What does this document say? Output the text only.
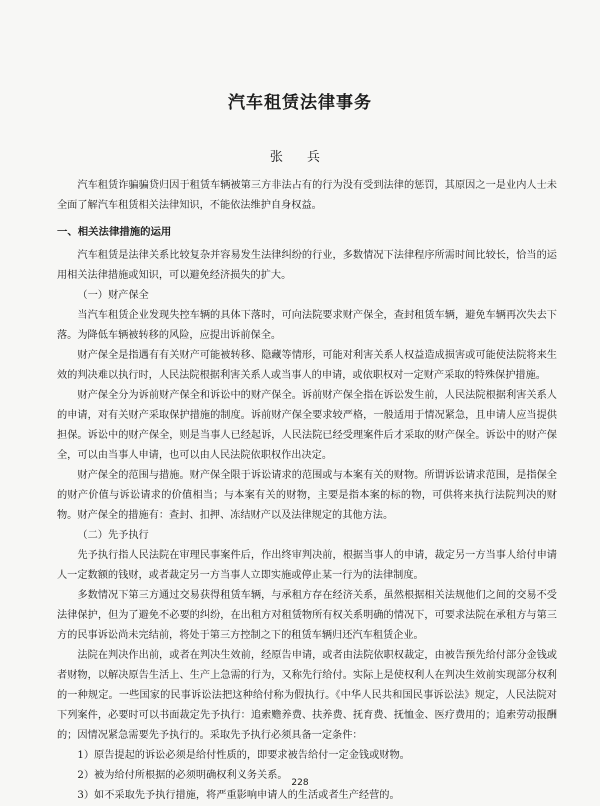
汽车租赁法律事务
张 兵

汽车租赁诈骗骗贷归因于租赁车辆被第三方非法占有的行为没有受到法律的惩罚，其原因之一是业内人士未全面了解汽车租赁相关法律知识，不能依法维护自身权益。

一、相关法律措施的运用

汽车租赁是法律关系比较复杂并容易发生法律纠纷的行业，多数情况下法律程序所需时间比较长，恰当的运用相关法律措施或知识，可以避免经济损失的扩大。

（一）财产保全

当汽车租赁企业发现失控车辆的具体下落时，可向法院要求财产保全，查封租赁车辆，避免车辆再次失去下落。为降低车辆被转移的风险，应提出诉前保全。

财产保全是指遇有有关财产可能被转移、隐藏等情形，可能对利害关系人权益造成损害或可能使法院将来生效的判决难以执行时，人民法院根据利害关系人或当事人的申请，或依职权对一定财产采取的特殊保护措施。

财产保全分为诉前财产保全和诉讼中的财产保全。诉前财产保全指在诉讼发生前，人民法院根据利害关系人的申请，对有关财产采取保护措施的制度。诉前财产保全要求较严格，一般适用于情况紧急，且申请人应当提供担保。诉讼中的财产保全，则是当事人已经起诉，人民法院已经受理案件后才采取的财产保全。诉讼中的财产保全，可以由当事人申请，也可以由人民法院依职权作出决定。

财产保全的范围与措施。财产保全限于诉讼请求的范围或与本案有关的财物。所谓诉讼请求范围，是指保全的财产价值与诉讼请求的价值相当；与本案有关的财物，主要是指本案的标的物，可供将来执行法院判决的财物。财产保全的措施有：查封、扣押、冻结财产以及法律规定的其他方法。

（二）先予执行

先予执行指人民法院在审理民事案件后，作出终审判决前，根据当事人的申请，裁定另一方当事人给付申请人一定数额的钱财，或者裁定另一方当事人立即实施或停止某一行为的法律制度。

多数情况下第三方通过交易获得租赁车辆，与承租方存在经济关系，虽然根据相关法规他们之间的交易不受法律保护，但为了避免不必要的纠纷，在出租方对租赁物所有权关系明确的情况下，可要求法院在承租方与第三方的民事诉讼尚未完结前，将处于第三方控制之下的租赁车辆归还汽车租赁企业。

法院在判决作出前，或者在判决生效前，经原告申请，或者由法院依职权裁定，由被告预先给付部分金钱或者财物，以解决原告生活上、生产上急需的行为，又称先行给付。实际上是使权利人在判决生效前实现部分权利的一种规定。一些国家的民事诉讼法把这种给付称为假执行。《中华人民共和国民事诉讼法》规定，人民法院对下列案件，必要时可以书面裁定先予执行：追索赡养费、扶养费、抚育费、抚恤金、医疗费用的；追索劳动报酬的；因情况紧急需要先予执行的。采取先予执行必须具备一定条件：

1）原告提起的诉讼必须是给付性质的，即要求被告给付一定金钱或财物。

2）被为给付所根据的必须明确权利义务关系。

3）如不采取先予执行措施，将严重影响申请人的生活或者生产经营的。

228
